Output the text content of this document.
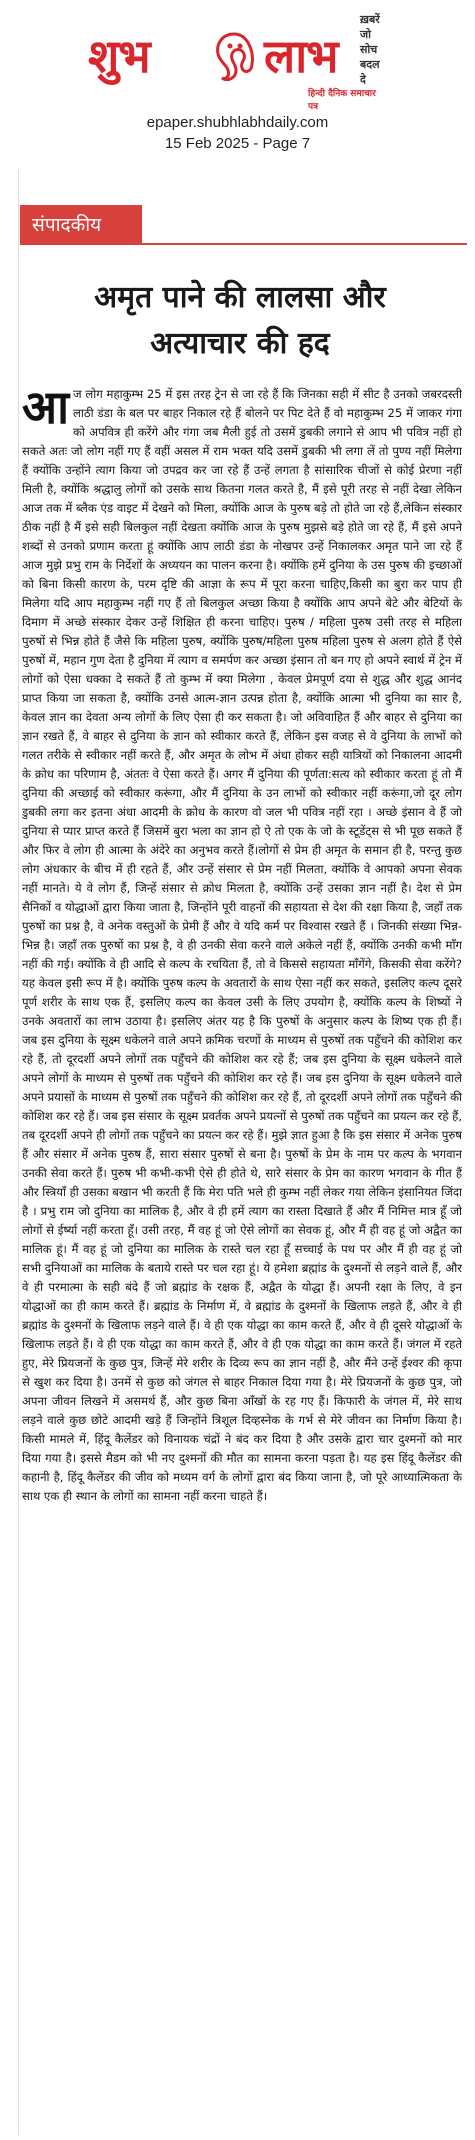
ख़बरें जो सोच बदल दे
शुभ लाभ
हिन्दी दैनिक समाचार पत्र
epaper.shubhlabhdaily.com
15 Feb 2025 - Page 7
संपादकीय
अमृत पाने की लालसा और
अत्याचार की हद
आ ज लोग महाकुम्भ 25 में इस तरह ट्रेन से जा रहे हैं कि जिनका सही में सीट है उनको जबरदस्ती लाठी डंडा के बल पर बाहर निकाल रहे हैं बोलने पर पिट देते हैं वो महाकुम्भ 25 में जाकर गंगा को अपवित्र ही करेंगे और गंगा जब मैली हुई तो उसमें डुबकी लगाने से आप भी पवित्र नहीं हो सकते अतः जो लोग नहीं गए हैं वहीं असल में राम भक्त यदि उसमें डुबकी भी लगा लें तो पुण्य नहीं मिलेगा हैं क्योंकि उन्होंने त्याग किया जो उपद्रव कर जा रहे हैं उन्हें लगता है सांसारिक चीजों से कोई प्रेरणा नहीं मिली है, क्योंकि श्रद्धालु लोगों को उसके साथ कितना गलत करते है, मैं इसे पूरी तरह से नहीं देखा लेकिन आज तक में ब्लैक एंड वाइट में देखने को मिला, क्योंकि आज के पुरुष बड़े तो होते जा रहे हैं,लेकिन संस्कार ठीक नहीं है मैं इसे सही बिलकुल नहीं देखता क्योंकि आज के पुरुष मुझसे बड़े होते जा रहे हैं, मैं इसे अपने शब्दों से उनको प्रणाम करता हूं क्योंकि आप लाठी डंडा के नोखपर उन्हें निकालकर अमृत पाने जा रहे हैं आज मुझे प्रभु राम के निर्देशों के अध्ययन का पालन करना है। क्योंकि हमें दुनिया के उस पुरुष की इच्छाओं को बिना किसी कारण के, परम दृष्टि की आज्ञा के रूप में पूरा करना चाहिए,किसी का बुरा कर पाप ही मिलेगा यदि आप महाकुम्भ नहीं गए हैं तो बिलकुल अच्छा किया है क्योंकि आप अपने बेटे और बेटियों के दिमाग में अच्छे संस्कार देकर उन्हें शिक्षित ही करना चाहिए। पुरुष / महिला पुरुष उसी तरह से महिला पुरुषों से भिन्न होते हैं जैसे कि महिला पुरुष, क्योंकि पुरुष/महिला पुरुष महिला पुरुष से अलग होते हैं ऐसे पुरुषों में, महान गुण देता है दुनिया में त्याग व समर्पण कर अच्छा इंसान तो बन गए हो अपने स्वार्थ में ट्रेन में लोगों को ऐसा धक्का दे सकते हैं तो कुम्भ में क्या मिलेगा , केवल प्रेमपूर्ण दया से शुद्ध और शुद्ध आनंद प्राप्त किया जा सकता है, क्योंकि उनसे आत्म-ज्ञान उत्पन्न होता है, क्योंकि आत्मा भी दुनिया का सार है, केवल ज्ञान का देवता अन्य लोगों के लिए ऐसा ही कर सकता है। जो अविवाहित हैं और बाहर से दुनिया का ज्ञान रखते हैं, वे बाहर से दुनिया के ज्ञान को स्वीकार करते हैं, लेकिन इस वजह से वे दुनिया के लाभों को गलत तरीके से स्वीकार नहीं करते हैं, और अमृत के लोभ में अंधा होकर सही यात्रियों को निकालना आदमी के क्रोध का परिणाम है, अंततः वे ऐसा करते हैं। अगर मैं दुनिया की पूर्णता:सत्य को स्वीकार करता हूं तो मैं दुनिया की अच्छाई को स्वीकार करूंगा, और मैं दुनिया के उन लाभों को स्वीकार नहीं करूंगा,जो दूर लोग डुबकी लगा कर इतना अंधा आदमी के क्रोध के कारण वो जल भी पवित्र नहीं रहा । अच्छे इंसान वे हैं जो दुनिया से प्यार प्राप्त करते हैं जिसमें बुरा भला का ज्ञान हो ऐ तो एक के जो के स्टूडेंट्स से भी पूछ सकते हैं और फिर वे लोग ही आत्मा के अंदेरे का अनुभव करते हैं।लोगों से प्रेम ही अमृत के समान ही है, परन्तु कुछ लोग अंधकार के बीच में ही रहते हैं, और उन्हें संसार से प्रेम नहीं मिलता, क्योंकि वे आपको अपना सेवक नहीं मानते। ये वे लोग हैं, जिन्हें संसार से क्रोध मिलता है, क्योंकि उन्हें उसका ज्ञान नहीं है। देश से प्रेम सैनिकों व योद्धाओं द्वारा किया जाता है, जिन्होंने पूरी वाहनों की सहायता से देश की रक्षा किया है, जहाँ तक पुरुषों का प्रश्न है, वे अनेक वस्तुओं के प्रेमी हैं और वे यदि कर्म पर विश्वास रखते हैं । जिनकी संख्या भिन्न-भिन्न है। जहाँ तक पुरुषों का प्रश्न है, वे ही उनकी सेवा करने वाले अकेले नहीं हैं, क्योंकि उनकी कभी माँग नहीं की गई। क्योंकि वे ही आदि से कल्प के रचयिता हैं, तो वे किससे सहायता माँगेंगे, किसकी सेवा करेंगे? यह केवल इसी रूप में है। क्योंकि पुरुष कल्प के अवतारों के साथ ऐसा नहीं कर सकते, इसलिए कल्प दूसरे पूर्ण शरीर के साथ एक हैं, इसलिए कल्प का केवल उसी के लिए उपयोग है, क्योंकि कल्प के शिष्यों ने उनके अवतारों का लाभ उठाया है। इसलिए अंतर यह है कि पुरुषों के अनुसार कल्प के शिष्य एक ही हैं। जब इस दुनिया के सूक्ष्म धकेलने वाले अपने क्रमिक चरणों के माध्यम से पुरुषों तक पहुँचने की कोशिश कर रहे हैं, तो दूरदर्शी अपने लोगों तक पहुँचने की कोशिश कर रहे हैं; जब इस दुनिया के सूक्ष्म धकेलने वाले अपने लोगों के माध्यम से पुरुषों तक पहुँचने की कोशिश कर रहे हैं। जब इस दुनिया के सूक्ष्म धकेलने वाले अपने प्रयासों के माध्यम से पुरुषों तक पहुँचने की कोशिश कर रहे हैं, तो दूरदर्शी अपने लोगों तक पहुँचने की कोशिश कर रहे हैं। जब इस संसार के सूक्ष्म प्रवर्तक अपने प्रयत्नों से पुरुषों तक पहुँचने का प्रयत्न कर रहे हैं, तब दूरदर्शी अपने ही लोगों तक पहुँचने का प्रयत्न कर रहे हैं। मुझे ज्ञात हुआ है कि इस संसार में अनेक पुरुष हैं और संसार में अनेक पुरुष हैं, सारा संसार पुरुषों से बना है। पुरुषों के प्रेम के नाम पर कल्प के भगवान उनकी सेवा करते हैं। पुरुष भी कभी-कभी ऐसे ही होते थे, सारे संसार के प्रेम का कारण भगवान के गीत हैं और स्त्रियाँ ही उसका बखान भी करती हैं कि मेरा पति भले ही कुम्भ नहीं लेकर गया लेकिन इंसानियत जिंदा है । प्रभु राम जो दुनिया का मालिक है, और वे ही हमें त्याग का रास्ता दिखाते हैं और मैं निमित्त मात्र हूँ जो लोगों से ईर्ष्या नहीं करता हूँ। उसी तरह, मैं वह हूं जो ऐसे लोगों का सेवक हूं, और मैं ही वह हूं जो अद्वैत का मालिक हूं। मैं वह हूं जो दुनिया का मालिक के रास्ते चल रहा हूँ सच्चाई के पथ पर और मैं ही वह हूं जो सभी दुनियाओं का मालिक के बताये रास्ते पर चल रहा हूं। ये हमेशा ब्रह्मांड के दुश्मनों से लड़ने वाले हैं, और वे ही परमात्मा के सही बंदे हैं जो ब्रह्मांड के रक्षक हैं, अद्वैत के योद्धा हैं। अपनी रक्षा के लिए, वे इन योद्धाओं का ही काम करते हैं। ब्रह्मांड के निर्माण में, वे ब्रह्मांड के दुश्मनों के खिलाफ लड़ते हैं, और वे ही ब्रह्मांड के दुश्मनों के खिलाफ लड़ने वाले हैं। वे ही एक योद्धा का काम करते हैं, और वे ही दूसरे योद्धाओं के खिलाफ लड़ते हैं। वे ही एक योद्धा का काम करते हैं, और वे ही एक योद्धा का काम करते हैं। जंगल में रहते हुए, मेरे प्रियजनों के कुछ पुत्र, जिन्हें मेरे शरीर के दिव्य रूप का ज्ञान नहीं है, और मैंने उन्हें ईश्वर की कृपा से खुश कर दिया है। उनमें से कुछ को जंगल से बाहर निकाल दिया गया है। मेरे प्रियजनों के कुछ पुत्र, जो अपना जीवन लिखने में असमर्थ हैं, और कुछ बिना आँखों के रह गए हैं। किफारी के जंगल में, मेरे साथ लड़ने वाले कुछ छोटे आदमी खड़े हैं जिन्होंने त्रिशूल दिव्हस्नेक के गर्भ से मेरे जीवन का निर्माण किया है। किसी मामले में, हिंदू कैलेंडर को विनायक चंद्रों ने बंद कर दिया है और उसके द्वारा चार दुश्मनों को मार दिया गया है। इससे मैडम को भी नए दुश्मनों की मौत का सामना करना पड़ता है। यह इस हिंदू कैलेंडर की कहानी है, हिंदू कैलेंडर की जीव को मध्यम वर्ग के लोगों द्वारा बंद किया जाना है, जो पूरे आध्यात्मिकता के साथ एक ही स्थान के लोगों का सामना नहीं करना चाहते हैं।
